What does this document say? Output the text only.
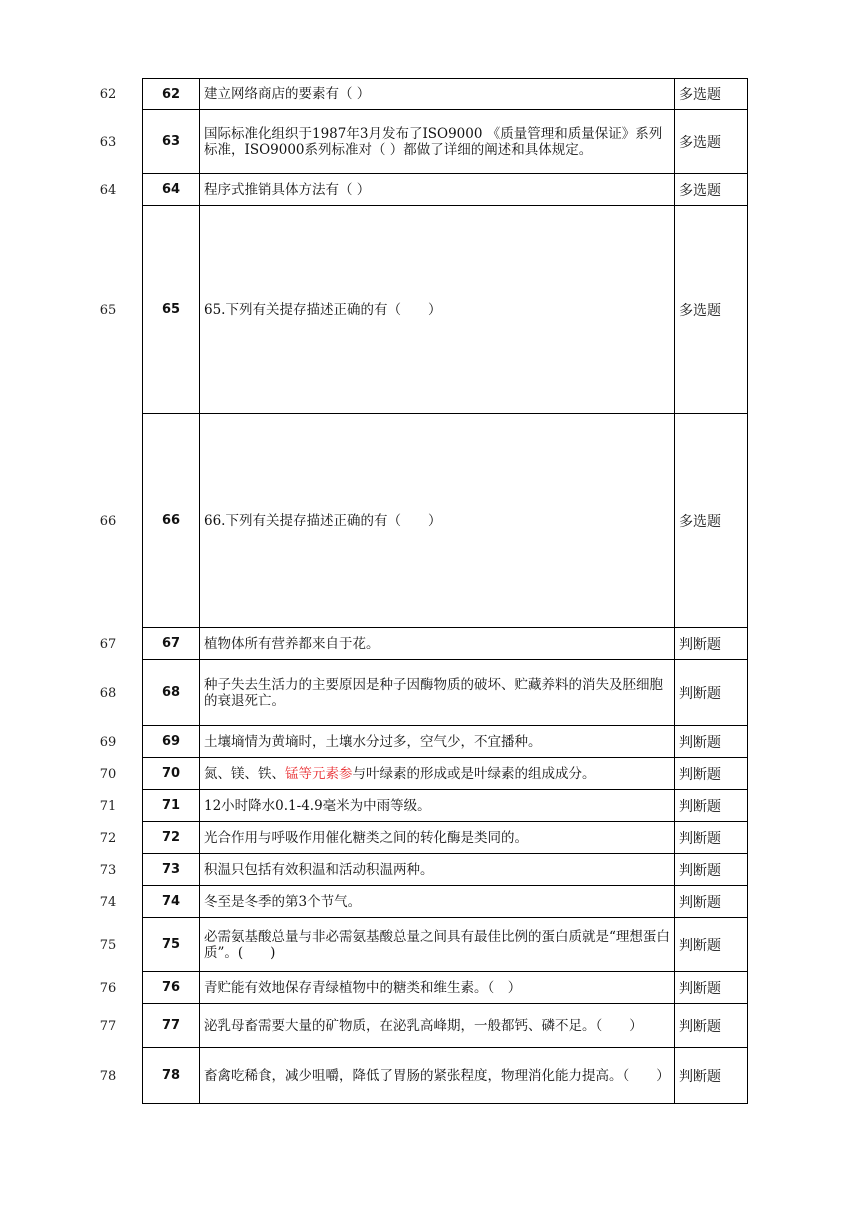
62	62	建立网络商店的要素有（ ）	多选题
63	63	国际标准化组织于1987年3月发布了ISO9000 《质量管理和质量保证》系列标准，ISO9000系列标准对（ ）都做了详细的阐述和具体规定。	多选题
64	64	程序式推销具体方法有（ ）	多选题
65	65	65.下列有关提存描述正确的有（　　）	多选题
66	66	66.下列有关提存描述正确的有（　　）	多选题
67	67	植物体所有营养都来自于花。	判断题
68	68	种子失去生活力的主要原因是种子因酶物质的破坏、贮藏养料的消失及胚细胞的衰退死亡。	判断题
69	69	土壤墒情为黄墒时，土壤水分过多，空气少，不宜播种。	判断题
70	70	氮、镁、铁、锰等元素参与叶绿素的形成或是叶绿素的组成成分。	判断题
71	71	12小时降水0.1-4.9毫米为中雨等级。	判断题
72	72	光合作用与呼吸作用催化糖类之间的转化酶是类同的。	判断题
73	73	积温只包括有效积温和活动积温两种。	判断题
74	74	冬至是冬季的第3个节气。	判断题
75	75	必需氨基酸总量与非必需氨基酸总量之间具有最佳比例的蛋白质就是“理想蛋白质”。(　　)	判断题
76	76	青贮能有效地保存青绿植物中的糖类和维生素。（　）	判断题
77	77	泌乳母畜需要大量的矿物质，在泌乳高峰期，一般都钙、磷不足。（　　）	判断题
78	78	畜禽吃稀食，减少咀嚼，降低了胃肠的紧张程度，物理消化能力提高。（　　） 判断题
